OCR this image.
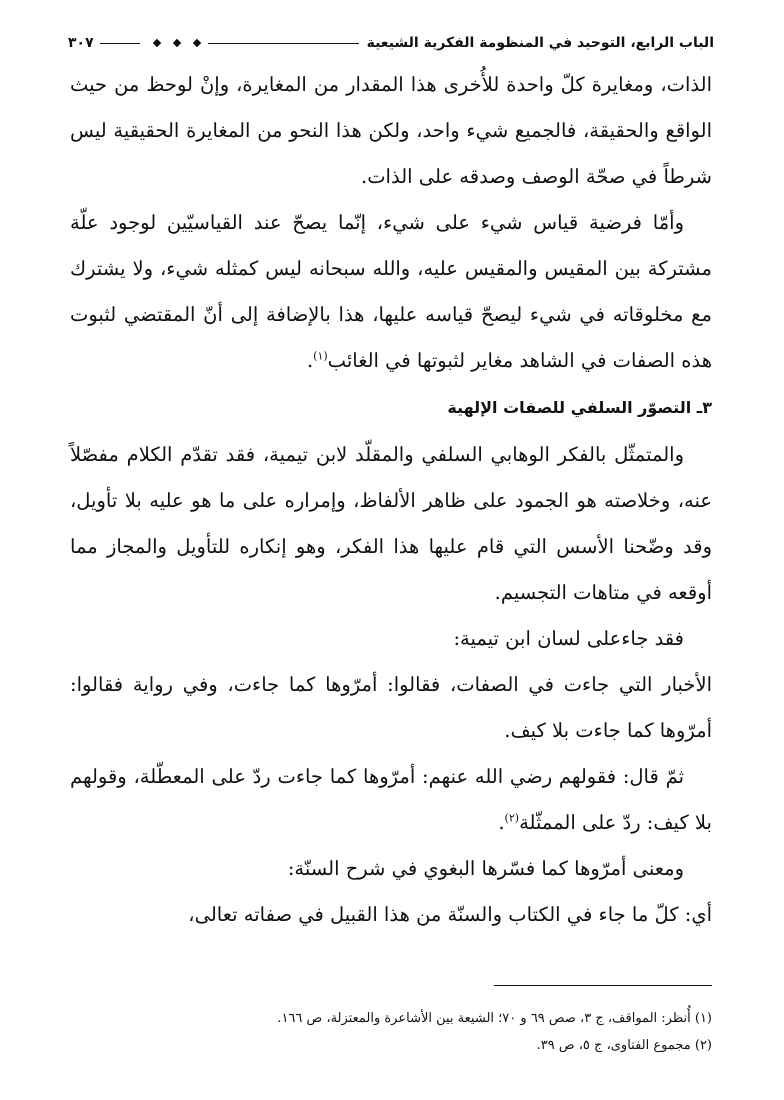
الباب الرابع، التوحيد في المنظومة الفكرية الشيعية
٣٠٧

الذات، ومغايرة كلّ واحدة للأُخرى هذا المقدار من المغايرة، وإنْ لوحظ من حيث الواقع والحقيقة، فالجميع شيء واحد، ولكن هذا النحو من المغايرة الحقيقية ليس شرطاً في صحّة الوصف وصدقه على الذات.

وأمّا فرضية قياس شيء على شيء، إنّما يصحّ عند القياسيّين لوجود علّة مشتركة بين المقيس والمقيس عليه، والله سبحانه ليس كمثله شيء، ولا يشترك مع مخلوقاته في شيء ليصحّ قياسه عليها، هذا بالإضافة إلى أنّ المقتضي لثبوت هذه الصفات في الشاهد مغاير لثبوتها في الغائب$^{(١)}$.

٣ـ التصوّر السلفي للصفات الإلهية

والمتمثّل بالفكر الوهابي السلفي والمقلّد لابن تيمية، فقد تقدّم الكلام مفصّلاً عنه، وخلاصته هو الجمود على ظاهر الألفاظ، وإمراره على ما هو عليه بلا تأويل، وقد وضّحنا الأسس التي قام عليها هذا الفكر، وهو إنكاره للتأويل والمجاز مما أوقعه في متاهات التجسيم.

فقد جاءعلى لسان ابن تيمية:

الأخبار التي جاءت في الصفات، فقالوا: أمرّوها كما جاءت، وفي رواية فقالوا: أمرّوها كما جاءت بلا كيف.

ثمّ قال: فقولهم رضي الله عنهم: أمرّوها كما جاءت ردّ على المعطّلة، وقولهم بلا كيف: ردّ على الممثّلة$^{(٢)}$.

ومعنى أمرّوها كما فسّرها البغوي في شرح السنّة:

أي: كلّ ما جاء في الكتاب والسنّة من هذا القبيل في صفاته تعالى،

(١) أُنظر: المواقف، ج ٣، صص ٦٩ و ٧٠؛ الشيعة بين الأشاعرة والمعتزلة، ص ١٦٦.

(٢) مجموع الفتاوى، ج ٥، ص ٣٩.
